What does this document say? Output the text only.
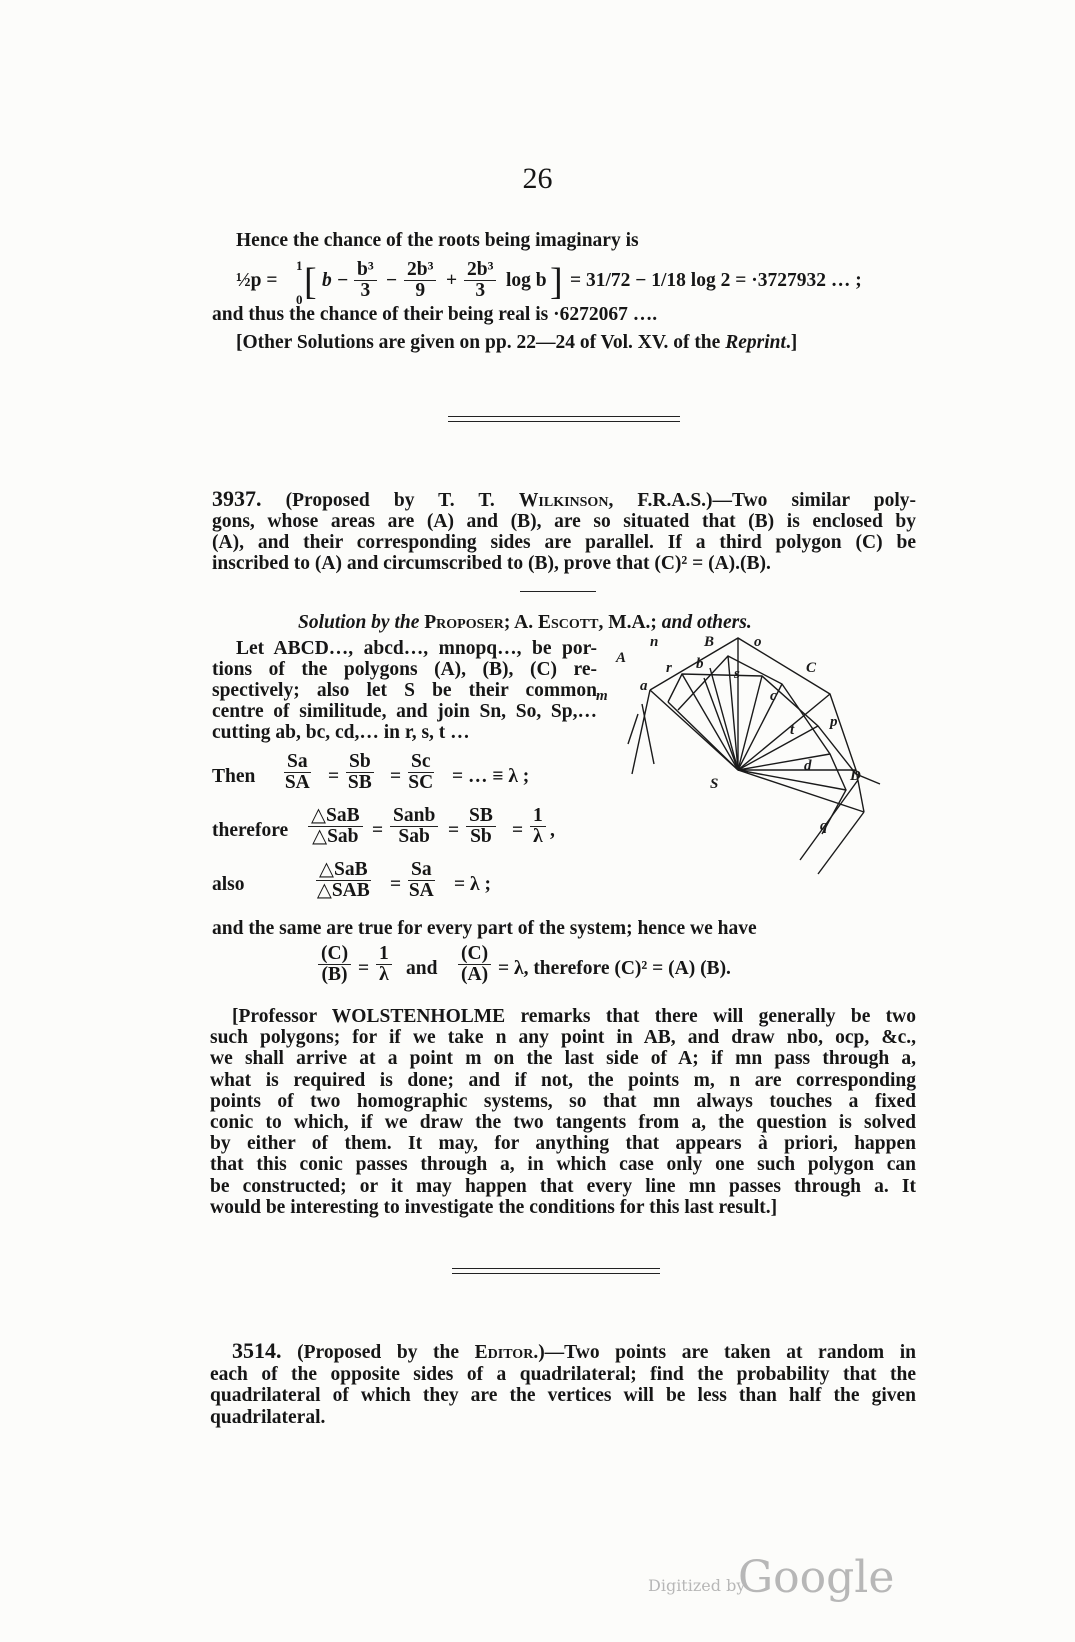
26
Hence the chance of the roots being imaginary is
½p =
1
0 [ $b - \frac{\text{b³}}{3} - \frac{\text{2b³}}{9} + \frac{\text{2b³}}{3}$ log b ] = 31/72 − 1/18 log 2 = ·3727932 … ;
and thus the chance of their being real is ·6272067 ….
[Other Solutions are given on pp. 22—24 of Vol. XV. of the Reprint.]
3937. (Proposed by T. T. Wilkinson, F.R.A.S.)—Two similar poly-
gons, whose areas are (A) and (B), are so situated that (B) is enclosed by
(A), and their corresponding sides are parallel. If a third polygon (C) be
inscribed to (A) and circumscribed to (B), prove that (C)² = (A).(B).
Solution by the Proposer; A. Escott, M.A.; and others.
Let ABCD…, abcd…, mnopq…, be por-
tions of the polygons (A), (B), (C) re-
spectively; also let S be their common
centre of similitude, and join Sn, So, Sp,…
cutting ab, bc, cd,… in r, s, t …
Then $\frac{Sa}{SA} = \frac{Sb}{SB} = \frac{Sc}{SC}$ = … ≡ λ ;
therefore
△SaB
△Sab =
Sanb
Sab = $\frac{SB}{Sb} = \frac{1}{\lambda}$ ,
also
△SaB
△SAB = $\frac{Sa}{SA} = \lambda$ ;
and the same are true for every part of the system; hence we have
$\frac{(C)}{(B)} = \frac{1}{\lambda}$ and $\frac{(C)}{(A)} = \lambda$, therefore (C)² = (A) (B).
B
n	o
A
r b
s	C
a
c
m
t p
S
d
D
q
[Professor WOLSTENHOLME remarks that there will generally be two
such polygons; for if we take n any point in AB, and draw nbo, ocp, &c.,
we shall arrive at a point m on the last side of A; if mn pass through a,
what is required is done; and if not, the points m, n are corresponding
points of two homographic systems, so that mn always touches a fixed
conic to which, if we draw the two tangents from a, the question is solved
by either of them. It may, for anything that appears à priori, happen
that this conic passes through a, in which case only one such polygon can
be constructed; or it may happen that every line mn passes through a. It
would be interesting to investigate the conditions for this last result.]
3514. (Proposed by the Editor.)—Two points are taken at random in
each of the opposite sides of a quadrilateral; find the probability that the
quadrilateral of which they are the vertices will be less than half the given
quadrilateral.
Digitized by
Google
